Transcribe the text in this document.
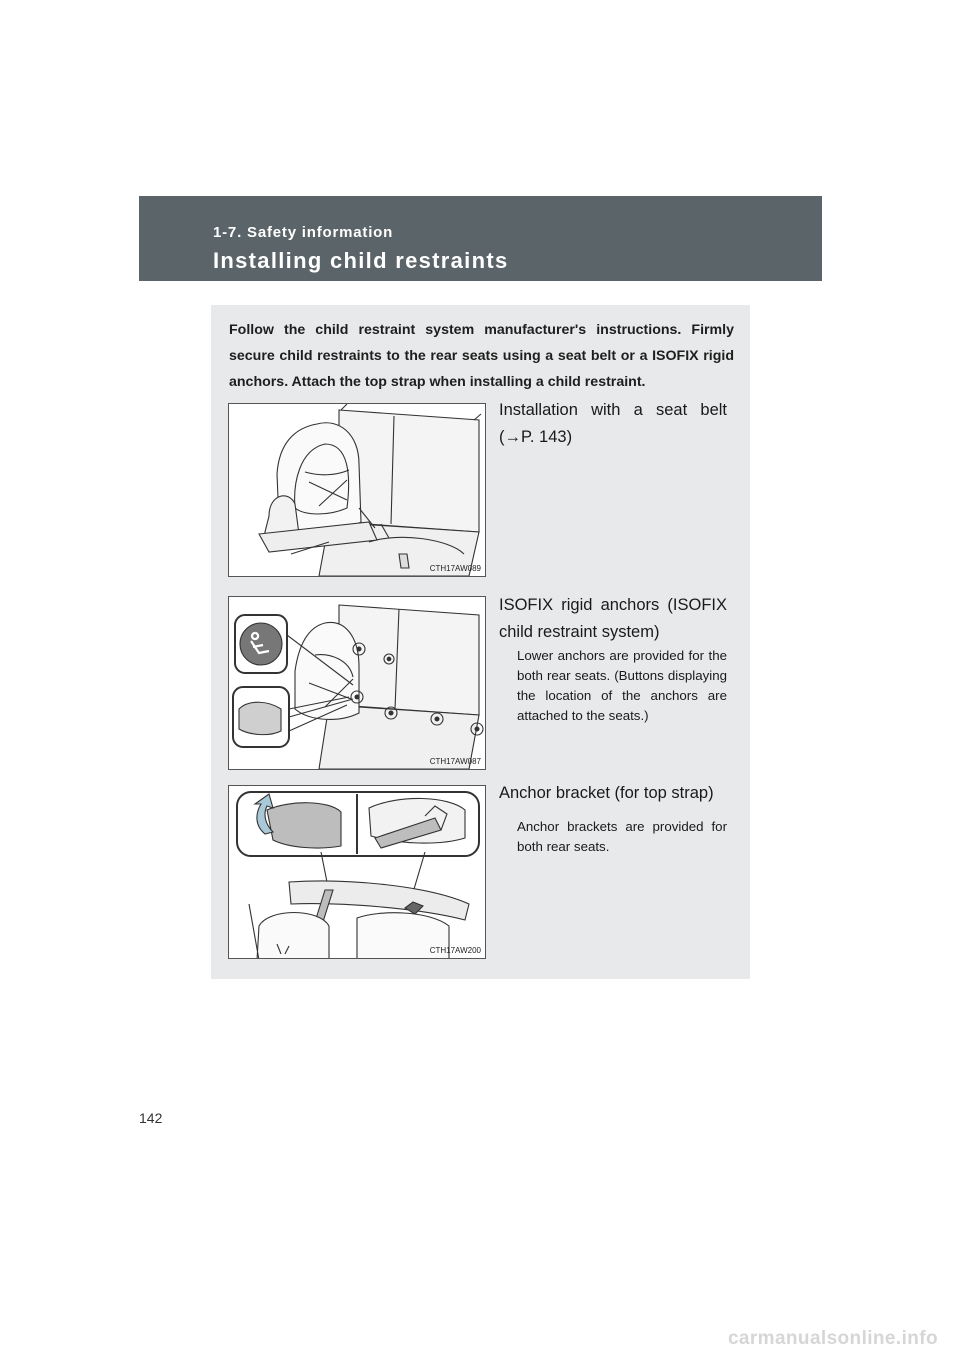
1-7. Safety information
Installing child restraints
Follow the child restraint system manufacturer's instructions. Firmly secure child restraints to the rear seats using a seat belt or a ISOFIX rigid anchors. Attach the top strap when installing a child restraint.
CTH17AW089
Installation with a seat belt (→P. 143)
CTH17AW087
ISOFIX rigid anchors (ISOFIX child restraint system)
Lower anchors are provided for the both rear seats. (Buttons displaying the location of the anchors are attached to the seats.)
CTH17AW200
Anchor bracket (for top strap)
Anchor brackets are provided for both rear seats.
142
carmanualsonline.info
